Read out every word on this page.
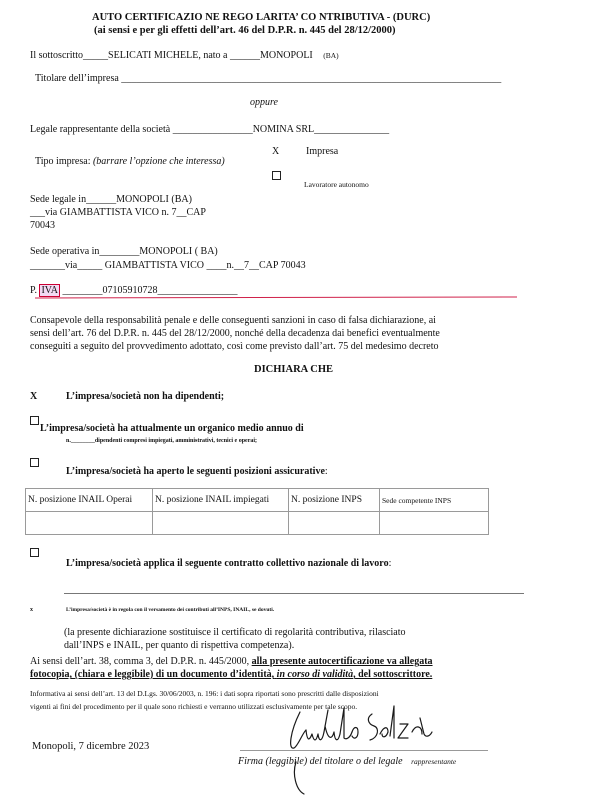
AUTO CERTIFICAZIO NE REGO LARITA’ CO NTRIBUTIVA - (DURC)
(ai sensi e per gli effetti dell’art. 46 del D.P.R. n. 445 del 28/12/2000)
Il sottoscritto_____SELICATI MICHELE, nato a ______MONOPOLI (BA)
Titolare dell’impresa ____________________________________________________________________________
oppure
Legale rappresentante della società ________________NOMINA SRL_______________
Tipo impresa: (barrare l’opzione che interessa)
X	Impresa
Lavoratore autonomo
Sede legale in______MONOPOLI (BA)
___via GIAMBATTISTA VICO n. 7__CAP
70043
Sede operativa in________MONOPOLI ( BA)
_______via_____ GIAMBATTISTA VICO ____n.__7__CAP 70043
P. IVA ________07105910728________________
Consapevole della responsabilità penale e delle conseguenti sanzioni in caso di falsa dichiarazione, ai
sensi dell’art. 76 del D.P.R. n. 445 del 28/12/2000, nonché della decadenza dai benefici eventualmente
conseguiti a seguito del provvedimento adottato, così come previsto dall’art. 75 del medesimo decreto
DICHIARA CHE
X	L’impresa/società non ha dipendenti;
L’impresa/società ha attualmente un organico medio annuo di
n.________dipendenti compresi impiegati, amministrativi, tecnici e operai;
L’impresa/società ha aperto le seguenti posizioni assicurative:
N. posizione INAIL Operai	N. posizione INAIL impiegati	N. posizione INPS	Sede competente INPS

L’impresa/società applica il seguente contratto collettivo nazionale di lavoro:
x	L’impresa/società è in regola con il versamento dei contributi all’INPS, INAIL, se dovuti.
(la presente dichiarazione sostituisce il certificato di regolarità contributiva, rilasciato
dall’INPS e INAIL, per quanto di rispettiva competenza).
Ai sensi dell’art. 38, comma 3, del D.P.R. n. 445/2000, alla presente autocertificazione va allegata
fotocopia, (chiara e leggibile) di un documento d’identità, in corso di validità, del sottoscrittore.
Informativa ai sensi dell’art. 13 del D.Lgs. 30/06/2003, n. 196: i dati sopra riportati sono prescritti dalle disposizioni
vigenti ai fini del procedimento per il quale sono richiesti e verranno utilizzati esclusivamente per tale scopo.
Monopoli, 7 dicembre 2023
Firma (leggibile) del titolare o del legale rappresentante
